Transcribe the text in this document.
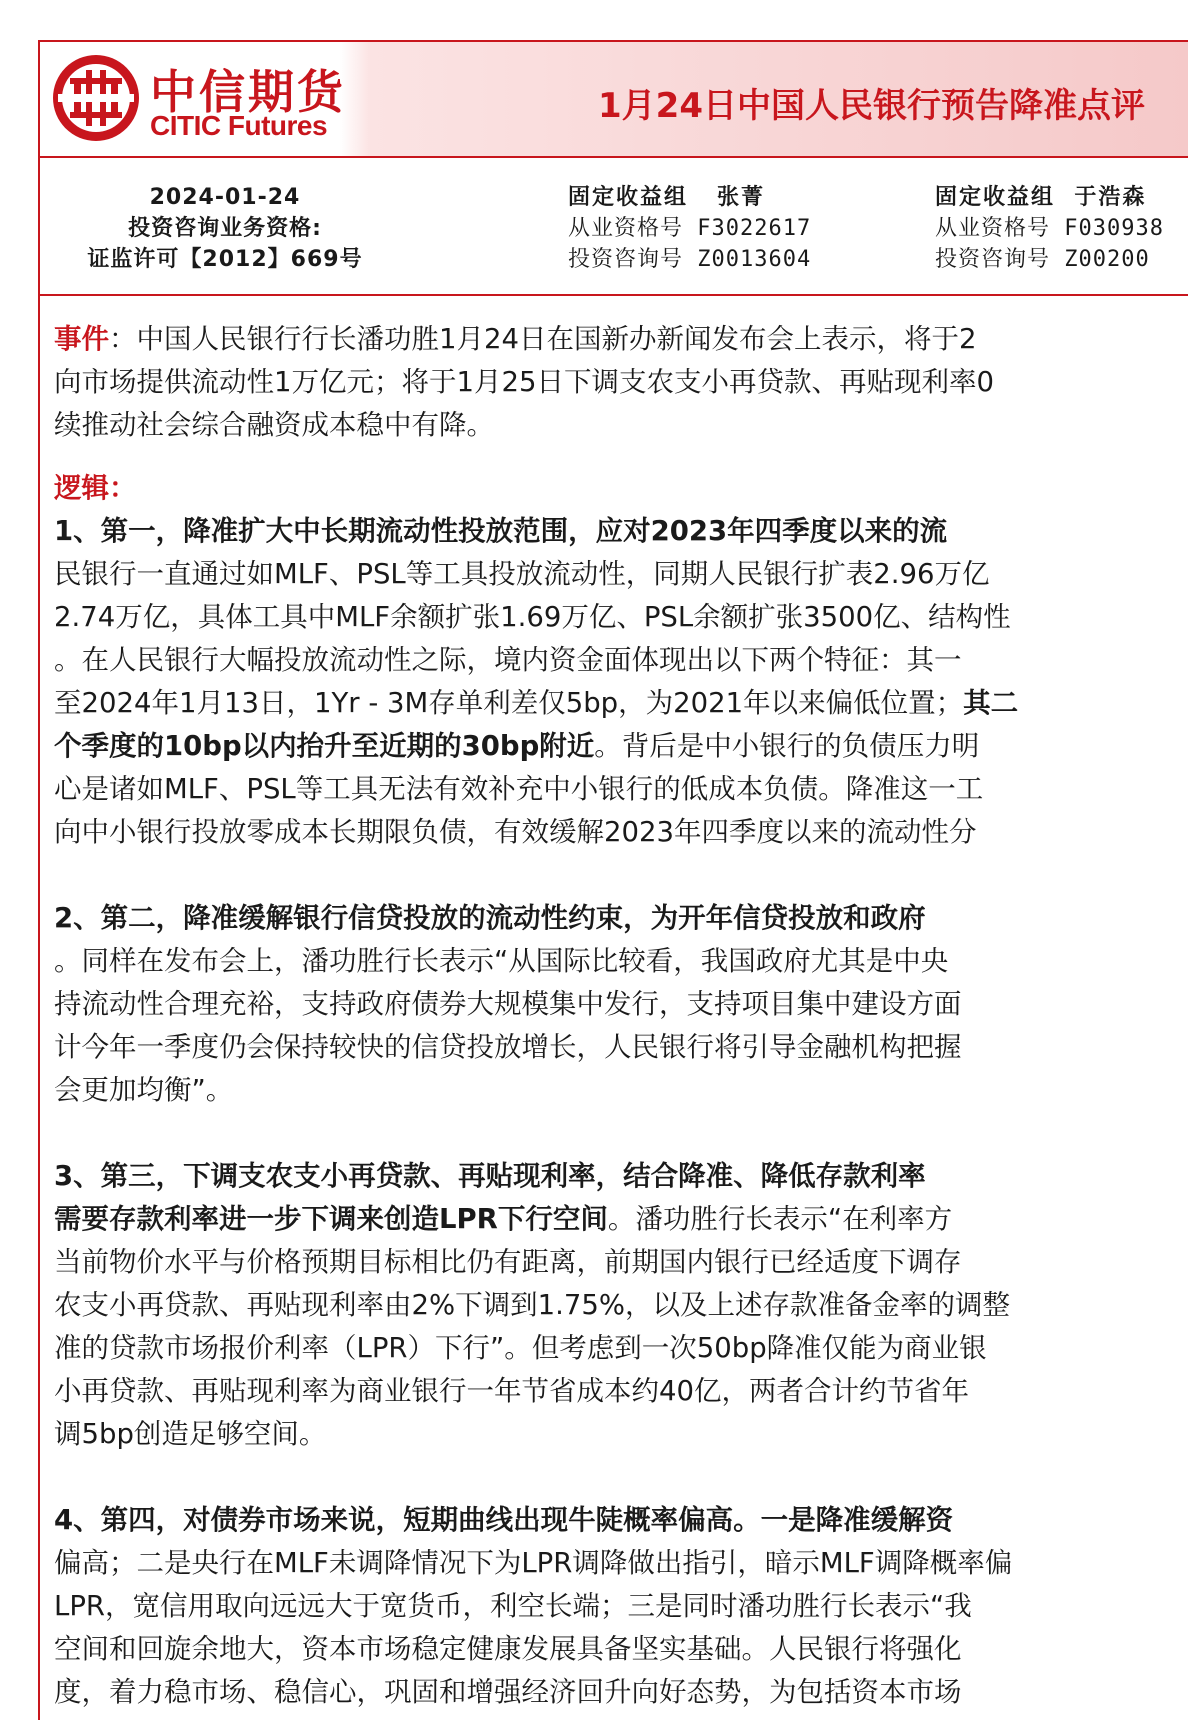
中信期货
CITIC Futures	1月24日中国人民银行预告降准点评
2024-01-24
投资咨询业务资格:
证监许可【2012】669号
固定收益组 张菁
从业资格号 F3022617
投资咨询号 Z0013604
固定收益组 于浩森
从业资格号 F030938
投资咨询号 Z00200
事件：中国人民银行行长潘功胜1月24日在国新办新闻发布会上表示，将于2
向市场提供流动性1万亿元；将于1月25日下调支农支小再贷款、再贴现利率0
续推动社会综合融资成本稳中有降。
逻辑：
1、第一，降准扩大中长期流动性投放范围，应对2023年四季度以来的流
民银行一直通过如MLF、PSL等工具投放流动性，同期人民银行扩表2.96万亿
2.74万亿，具体工具中MLF余额扩张1.69万亿、PSL余额扩张3500亿、结构性
。在人民银行大幅投放流动性之际，境内资金面体现出以下两个特征：其一
至2024年1月13日，1Yr - 3M存单利差仅5bp，为2021年以来偏低位置；其二
个季度的10bp以内抬升至近期的30bp附近。背后是中小银行的负债压力明
心是诸如MLF、PSL等工具无法有效补充中小银行的低成本负债。降准这一工
向中小银行投放零成本长期限负债，有效缓解2023年四季度以来的流动性分
2、第二，降准缓解银行信贷投放的流动性约束，为开年信贷投放和政府
。同样在发布会上，潘功胜行长表示“从国际比较看，我国政府尤其是中央
持流动性合理充裕，支持政府债券大规模集中发行，支持项目集中建设方面
计今年一季度仍会保持较快的信贷投放增长，人民银行将引导金融机构把握
会更加均衡”。
3、第三，下调支农支小再贷款、再贴现利率，结合降准、降低存款利率
需要存款利率进一步下调来创造LPR下行空间。潘功胜行长表示“在利率方
当前物价水平与价格预期目标相比仍有距离，前期国内银行已经适度下调存
农支小再贷款、再贴现利率由2%下调到1.75%，以及上述存款准备金率的调整
准的贷款市场报价利率（LPR）下行”。但考虑到一次50bp降准仅能为商业银
小再贷款、再贴现利率为商业银行一年节省成本约40亿，两者合计约节省年
调5bp创造足够空间。
4、第四，对债券市场来说，短期曲线出现牛陡概率偏高。一是降准缓解资
偏高；二是央行在MLF未调降情况下为LPR调降做出指引，暗示MLF调降概率偏
LPR，宽信用取向远远大于宽货币，利空长端；三是同时潘功胜行长表示“我
空间和回旋余地大，资本市场稳定健康发展具备坚实基础。人民银行将强化
度，着力稳市场、稳信心，巩固和增强经济回升向好态势，为包括资本市场
